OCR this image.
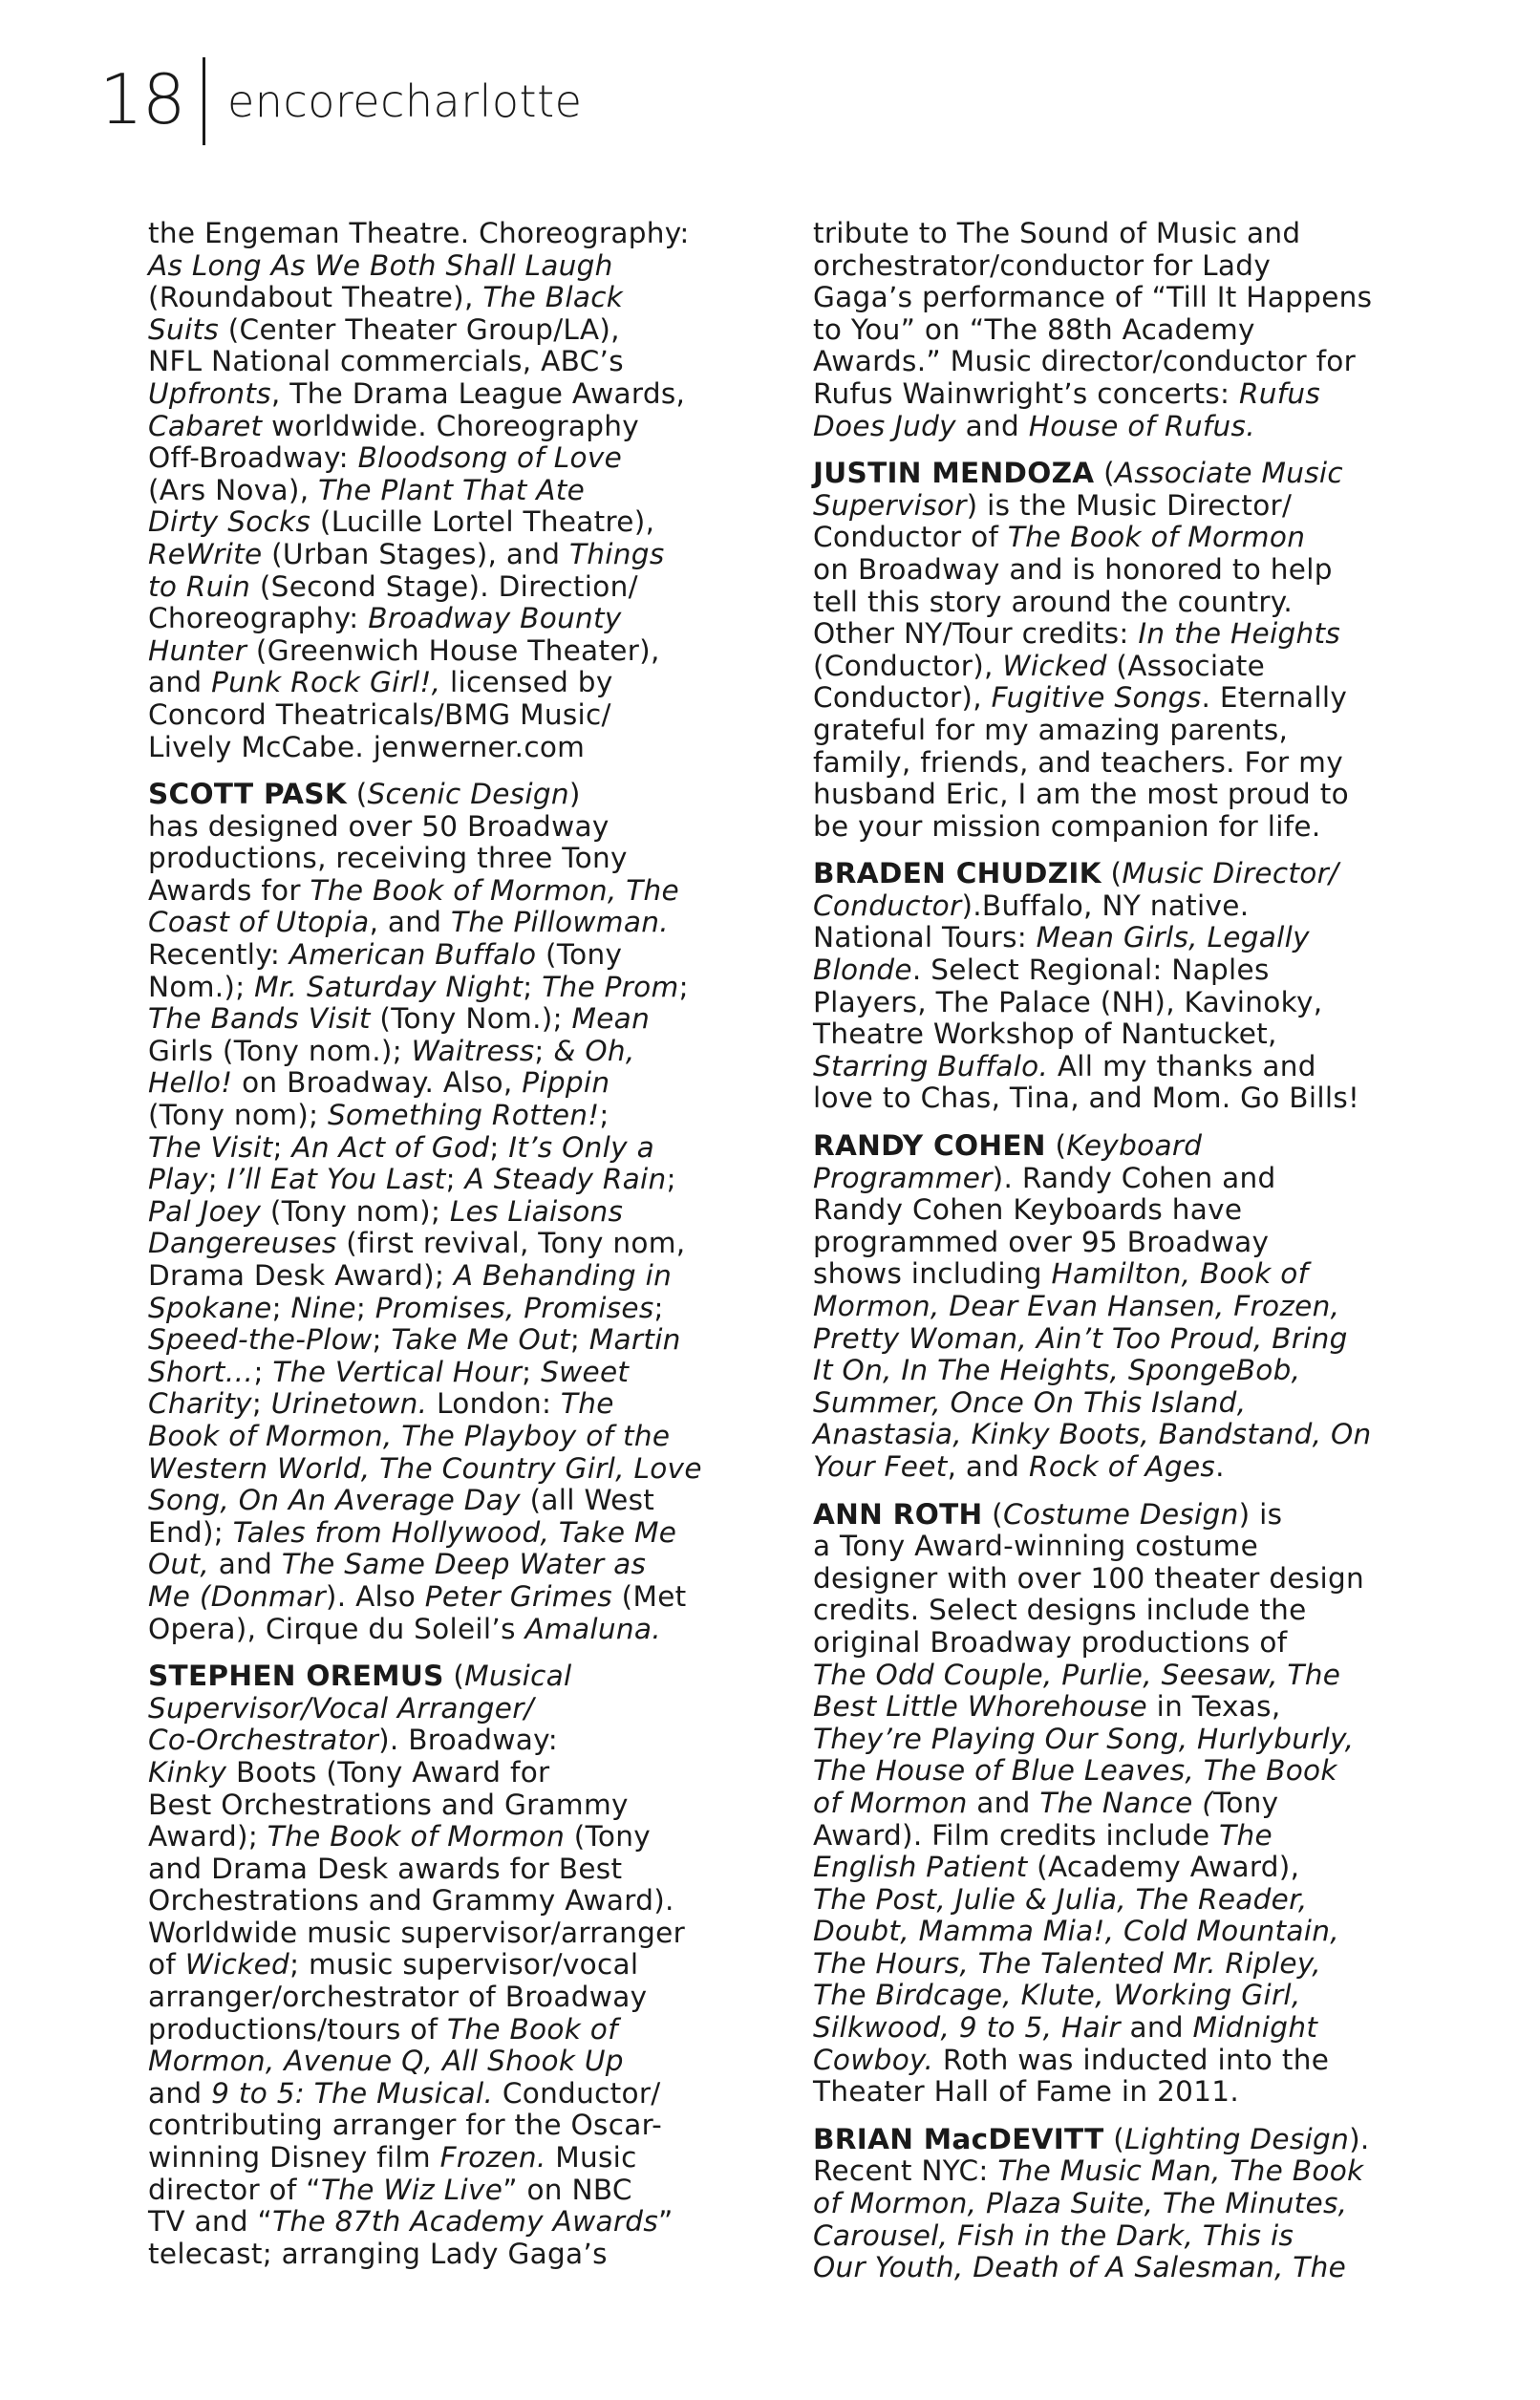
18 encorecharlotte
the Engeman Theatre. Choreography:
As Long As We Both Shall Laugh
(Roundabout Theatre), The Black
Suits (Center Theater Group/LA),
NFL National commercials, ABC’s
Upfronts, The Drama League Awards,
Cabaret worldwide. Choreography
Off-Broadway: Bloodsong of Love
(Ars Nova), The Plant That Ate
Dirty Socks (Lucille Lortel Theatre),
ReWrite (Urban Stages), and Things
to Ruin (Second Stage). Direction/
Choreography: Broadway Bounty
Hunter (Greenwich House Theater),
and Punk Rock Girl!, licensed by
Concord Theatricals/BMG Music/
Lively McCabe. jenwerner.com
SCOTT PASK (Scenic Design)
has designed over 50 Broadway
productions, receiving three Tony
Awards for The Book of Mormon, The
Coast of Utopia, and The Pillowman.
Recently: American Buffalo (Tony
Nom.); Mr. Saturday Night; The Prom;
The Bands Visit (Tony Nom.); Mean
Girls (Tony nom.); Waitress; & Oh,
Hello! on Broadway. Also, Pippin
(Tony nom); Something Rotten!;
The Visit; An Act of God; It’s Only a
Play; I’ll Eat You Last; A Steady Rain;
Pal Joey (Tony nom); Les Liaisons
Dangereuses (first revival, Tony nom,
Drama Desk Award); A Behanding in
Spokane; Nine; Promises, Promises;
Speed-the-Plow; Take Me Out; Martin
Short…; The Vertical Hour; Sweet
Charity; Urinetown. London: The
Book of Mormon, The Playboy of the
Western World, The Country Girl, Love
Song, On An Average Day (all West
End); Tales from Hollywood, Take Me
Out, and The Same Deep Water as
Me (Donmar). Also Peter Grimes (Met
Opera), Cirque du Soleil’s Amaluna.
STEPHEN OREMUS (Musical
Supervisor/Vocal Arranger/
Co-Orchestrator). Broadway:
Kinky Boots (Tony Award for
Best Orchestrations and Grammy
Award); The Book of Mormon (Tony
and Drama Desk awards for Best
Orchestrations and Grammy Award).
Worldwide music supervisor/arranger
of Wicked; music supervisor/vocal
arranger/orchestrator of Broadway
productions/tours of The Book of
Mormon, Avenue Q, All Shook Up
and 9 to 5: The Musical. Conductor/
contributing arranger for the Oscar-
winning Disney film Frozen. Music
director of “The Wiz Live” on NBC
TV and “The 87th Academy Awards”
telecast; arranging Lady Gaga’s
tribute to The Sound of Music and
orchestrator/conductor for Lady
Gaga’s performance of “Till It Happens
to You” on “The 88th Academy
Awards.” Music director/conductor for
Rufus Wainwright’s concerts: Rufus
Does Judy and House of Rufus.
JUSTIN MENDOZA (Associate Music
Supervisor) is the Music Director/
Conductor of The Book of Mormon
on Broadway and is honored to help
tell this story around the country.
Other NY/Tour credits: In the Heights
(Conductor), Wicked (Associate
Conductor), Fugitive Songs. Eternally
grateful for my amazing parents,
family, friends, and teachers. For my
husband Eric, I am the most proud to
be your mission companion for life.
BRADEN CHUDZIK (Music Director/
Conductor).Buffalo, NY native.
National Tours: Mean Girls, Legally
Blonde. Select Regional: Naples
Players, The Palace (NH), Kavinoky,
Theatre Workshop of Nantucket,
Starring Buffalo. All my thanks and
love to Chas, Tina, and Mom. Go Bills!
RANDY COHEN (Keyboard
Programmer). Randy Cohen and
Randy Cohen Keyboards have
programmed over 95 Broadway
shows including Hamilton, Book of
Mormon, Dear Evan Hansen, Frozen,
Pretty Woman, Ain’t Too Proud, Bring
It On, In The Heights, SpongeBob,
Summer, Once On This Island,
Anastasia, Kinky Boots, Bandstand, On
Your Feet, and Rock of Ages.
ANN ROTH (Costume Design) is
a Tony Award-winning costume
designer with over 100 theater design
credits. Select designs include the
original Broadway productions of
The Odd Couple, Purlie, Seesaw, The
Best Little Whorehouse in Texas,
They’re Playing Our Song, Hurlyburly,
The House of Blue Leaves, The Book
of Mormon and The Nance (Tony
Award). Film credits include The
English Patient (Academy Award),
The Post, Julie & Julia, The Reader,
Doubt, Mamma Mia!, Cold Mountain,
The Hours, The Talented Mr. Ripley,
The Birdcage, Klute, Working Girl,
Silkwood, 9 to 5, Hair and Midnight
Cowboy. Roth was inducted into the
Theater Hall of Fame in 2011.
BRIAN MacDEVITT (Lighting Design).
Recent NYC: The Music Man, The Book
of Mormon, Plaza Suite, The Minutes,
Carousel, Fish in the Dark, This is
Our Youth, Death of A Salesman, The
